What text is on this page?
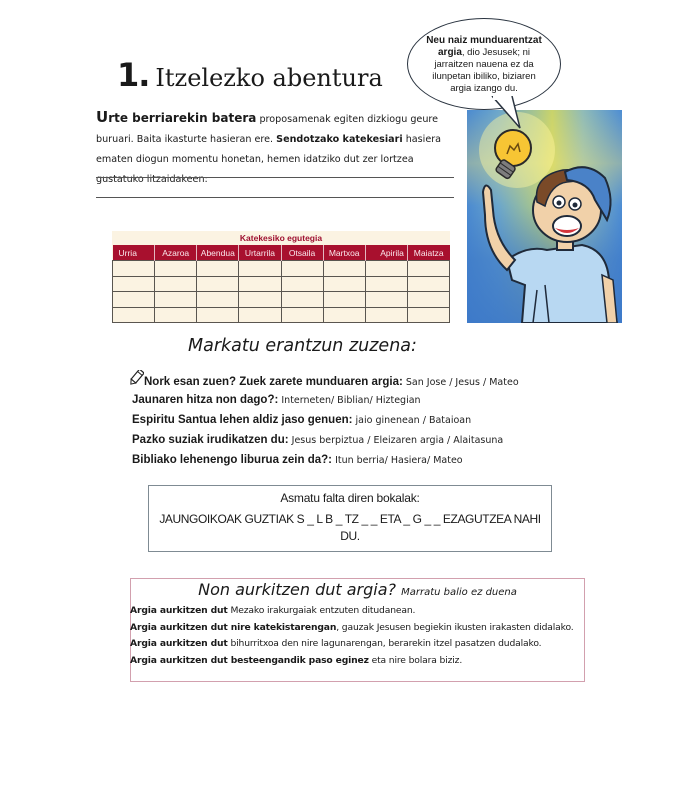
1. Itzelezko abentura
Neu naiz munduarentzat argia, dio Jesusek; ni jarraitzen nauena ez da ilunpetan ibiliko, biziaren argia izango du.
Urte berriarekin batera proposamenak egiten dizkiogu geure buruari. Baita ikasturte hasieran ere. Sendotzako katekesiari hasiera ematen diogun momentu honetan, hemen idatziko dut zer lortzea gustatuko litzaidakeen:
Katekesiko egutegia
Urria	Azaroa	Abendua	Urtarrila	Otsaila	Martxoa	Apirila	Maiatza

Markatu erantzun zuzena:
Nork esan zuen? Zuek zarete munduaren argia: San Jose / Jesus / Mateo
Jaunaren hitza non dago?: Interneten/ Biblian/ Hiztegian
Espiritu Santua lehen aldiz jaso genuen: jaio ginenean / Bataioan
Pazko suziak irudikatzen du: Jesus berpiztua / Eleizaren argia / Alaitasuna
Bibliako lehenengo liburua zein da?: Itun berria/ Hasiera/ Mateo
Asmatu falta diren bokalak:
JAUNGOIKOAK GUZTIAK S _ L B _ TZ _ _ ETA _ G _ _ EZAGUTZEA NAHI DU.
Non aurkitzen dut argia? Marratu balio ez duena
Argia aurkitzen dut Mezako irakurgaiak entzuten ditudanean.
Argia aurkitzen dut nire katekistarengan, gauzak Jesusen begiekin ikusten irakasten didalako.
Argia aurkitzen dut bihurritxoa den nire lagunarengan, berarekin itzel pasatzen dudalako.
Argia aurkitzen dut besteengandik paso eginez eta nire bolara biziz.
